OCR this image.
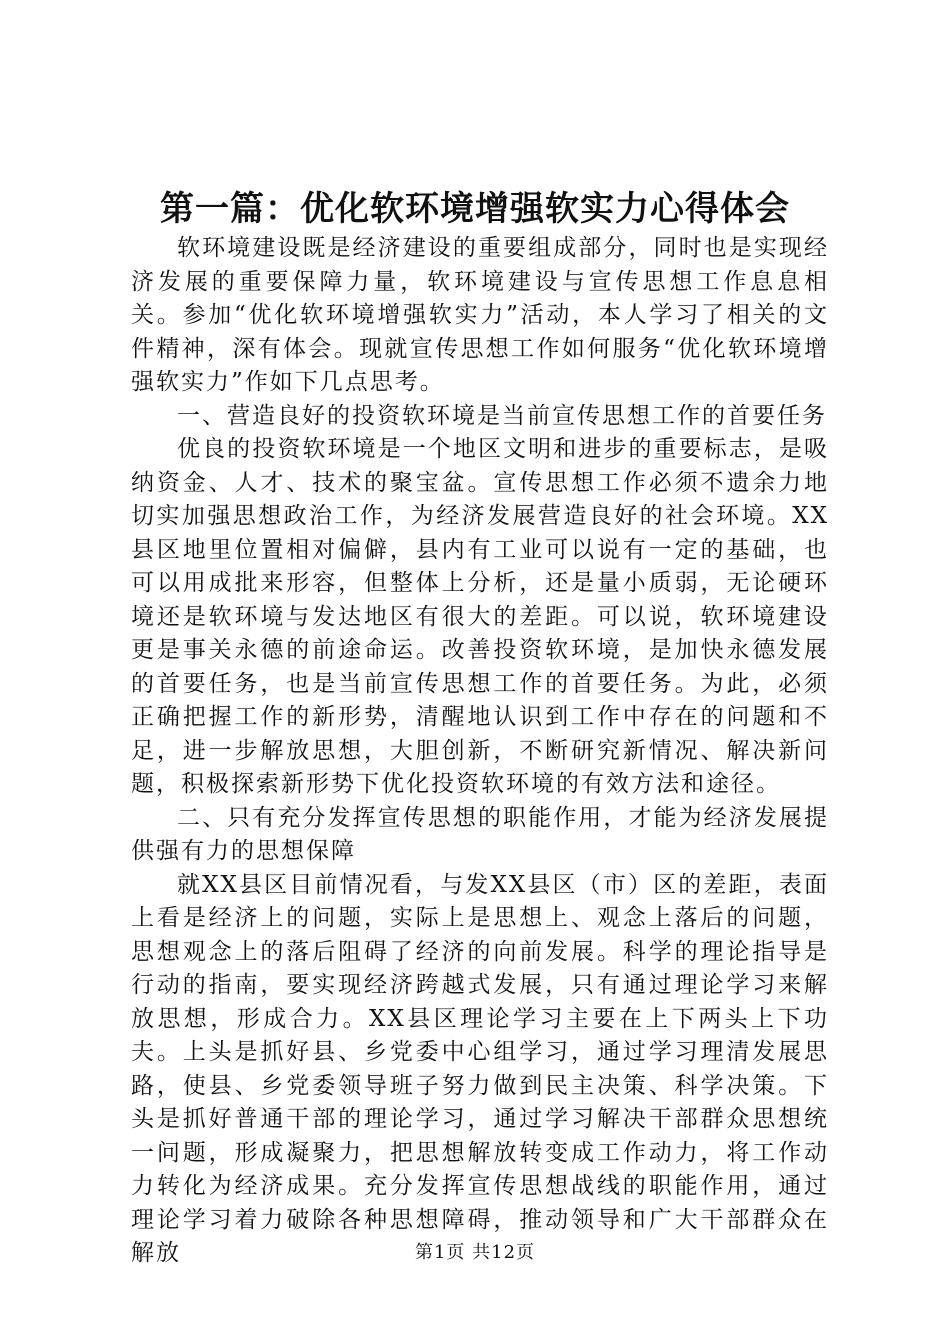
第一篇：优化软环境增强软实力心得体会

软环境建设既是经济建设的重要组成部分，同时也是实现经济发展的重要保障力量，软环境建设与宣传思想工作息息相关。参加“优化软环境增强软实力”活动，本人学习了相关的文件精神，深有体会。现就宣传思想工作如何服务“优化软环境增强软实力”作如下几点思考。

一、营造良好的投资软环境是当前宣传思想工作的首要任务

优良的投资软环境是一个地区文明和进步的重要标志，是吸纳资金、人才、技术的聚宝盆。宣传思想工作必须不遗余力地切实加强思想政治工作，为经济发展营造良好的社会环境。XX县区地里位置相对偏僻，县内有工业可以说有一定的基础，也可以用成批来形容，但整体上分析，还是量小质弱，无论硬环境还是软环境与发达地区有很大的差距。可以说，软环境建设更是事关永德的前途命运。改善投资软环境，是加快永德发展的首要任务，也是当前宣传思想工作的首要任务。为此，必须正确把握工作的新形势，清醒地认识到工作中存在的问题和不足，进一步解放思想，大胆创新，不断研究新情况、解决新问题，积极探索新形势下优化投资软环境的有效方法和途径。

二、只有充分发挥宣传思想的职能作用，才能为经济发展提供强有力的思想保障

就XX县区目前情况看，与发XX县区（市）区的差距，表面上看是经济上的问题，实际上是思想上、观念上落后的问题，思想观念上的落后阻碍了经济的向前发展。科学的理论指导是行动的指南，要实现经济跨越式发展，只有通过理论学习来解放思想，形成合力。XX县区理论学习主要在上下两头上下功夫。上头是抓好县、乡党委中心组学习，通过学习理清发展思路，使县、乡党委领导班子努力做到民主决策、科学决策。下头是抓好普通干部的理论学习，通过学习解决干部群众思想统一问题，形成凝聚力，把思想解放转变成工作动力，将工作动力转化为经济成果。充分发挥宣传思想战线的职能作用，通过理论学习着力破除各种思想障碍，推动领导和广大干部群众在解放	第1页 共12页
